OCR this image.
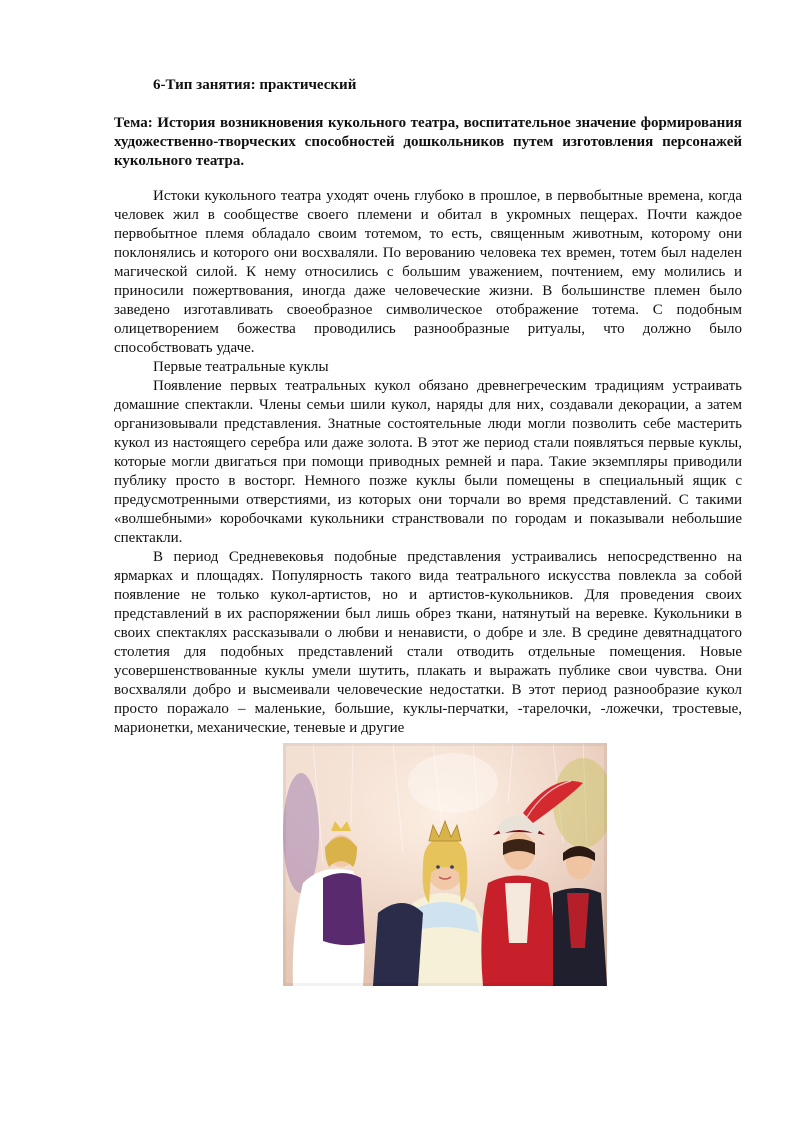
6-Тип занятия: практический
Тема: История возникновения кукольного театра, воспитательное значение формирования художественно-творческих способностей дошкольников путем изготовления персонажей кукольного театра.

Истоки кукольного театра уходят очень глубоко в прошлое, в первобытные времена, когда человек жил в сообществе своего племени и обитал в укромных пещерах. Почти каждое первобытное племя обладало своим тотемом, то есть, священным животным, которому они поклонялись и которого они восхваляли. По верованию человека тех времен, тотем был наделен магической силой. К нему относились с большим уважением, почтением, ему молились и приносили пожертвования, иногда даже человеческие жизни. В большинстве племен было заведено изготавливать своеобразное символическое отображение тотема. С подобным олицетворением божества проводились разнообразные ритуалы, что должно было способствовать удаче.

Первые театральные куклы

Появление первых театральных кукол обязано древнегреческим традициям устраивать домашние спектакли. Члены семьи шили кукол, наряды для них, создавали декорации, а затем организовывали представления. Знатные состоятельные люди могли позволить себе мастерить кукол из настоящего серебра или даже золота. В этот же период стали появляться первые куклы, которые могли двигаться при помощи приводных ремней и пара. Такие экземпляры приводили публику просто в восторг. Немного позже куклы были помещены в специальный ящик с предусмотренными отверстиями, из которых они торчали во время представлений. С такими «волшебными» коробочками кукольники странствовали по городам и показывали небольшие спектакли.

В период Средневековья подобные представления устраивались непосредственно на ярмарках и площадях. Популярность такого вида театрального искусства повлекла за собой появление не только кукол-артистов, но и артистов-кукольников. Для проведения своих представлений в их распоряжении был лишь обрез ткани, натянутый на веревке. Кукольники в своих спектаклях рассказывали о любви и ненависти, о добре и зле. В средине девятнадцатого столетия для подобных представлений стали отводить отдельные помещения. Новые усовершенствованные куклы умели шутить, плакать и выражать публике свои чувства. Они восхваляли добро и высмеивали человеческие недостатки. В этот период разнообразие кукол просто поражало – маленькие, большие, куклы-перчатки, -тарелочки, -ложечки, тростевые, марионетки, механические, теневые и другие
